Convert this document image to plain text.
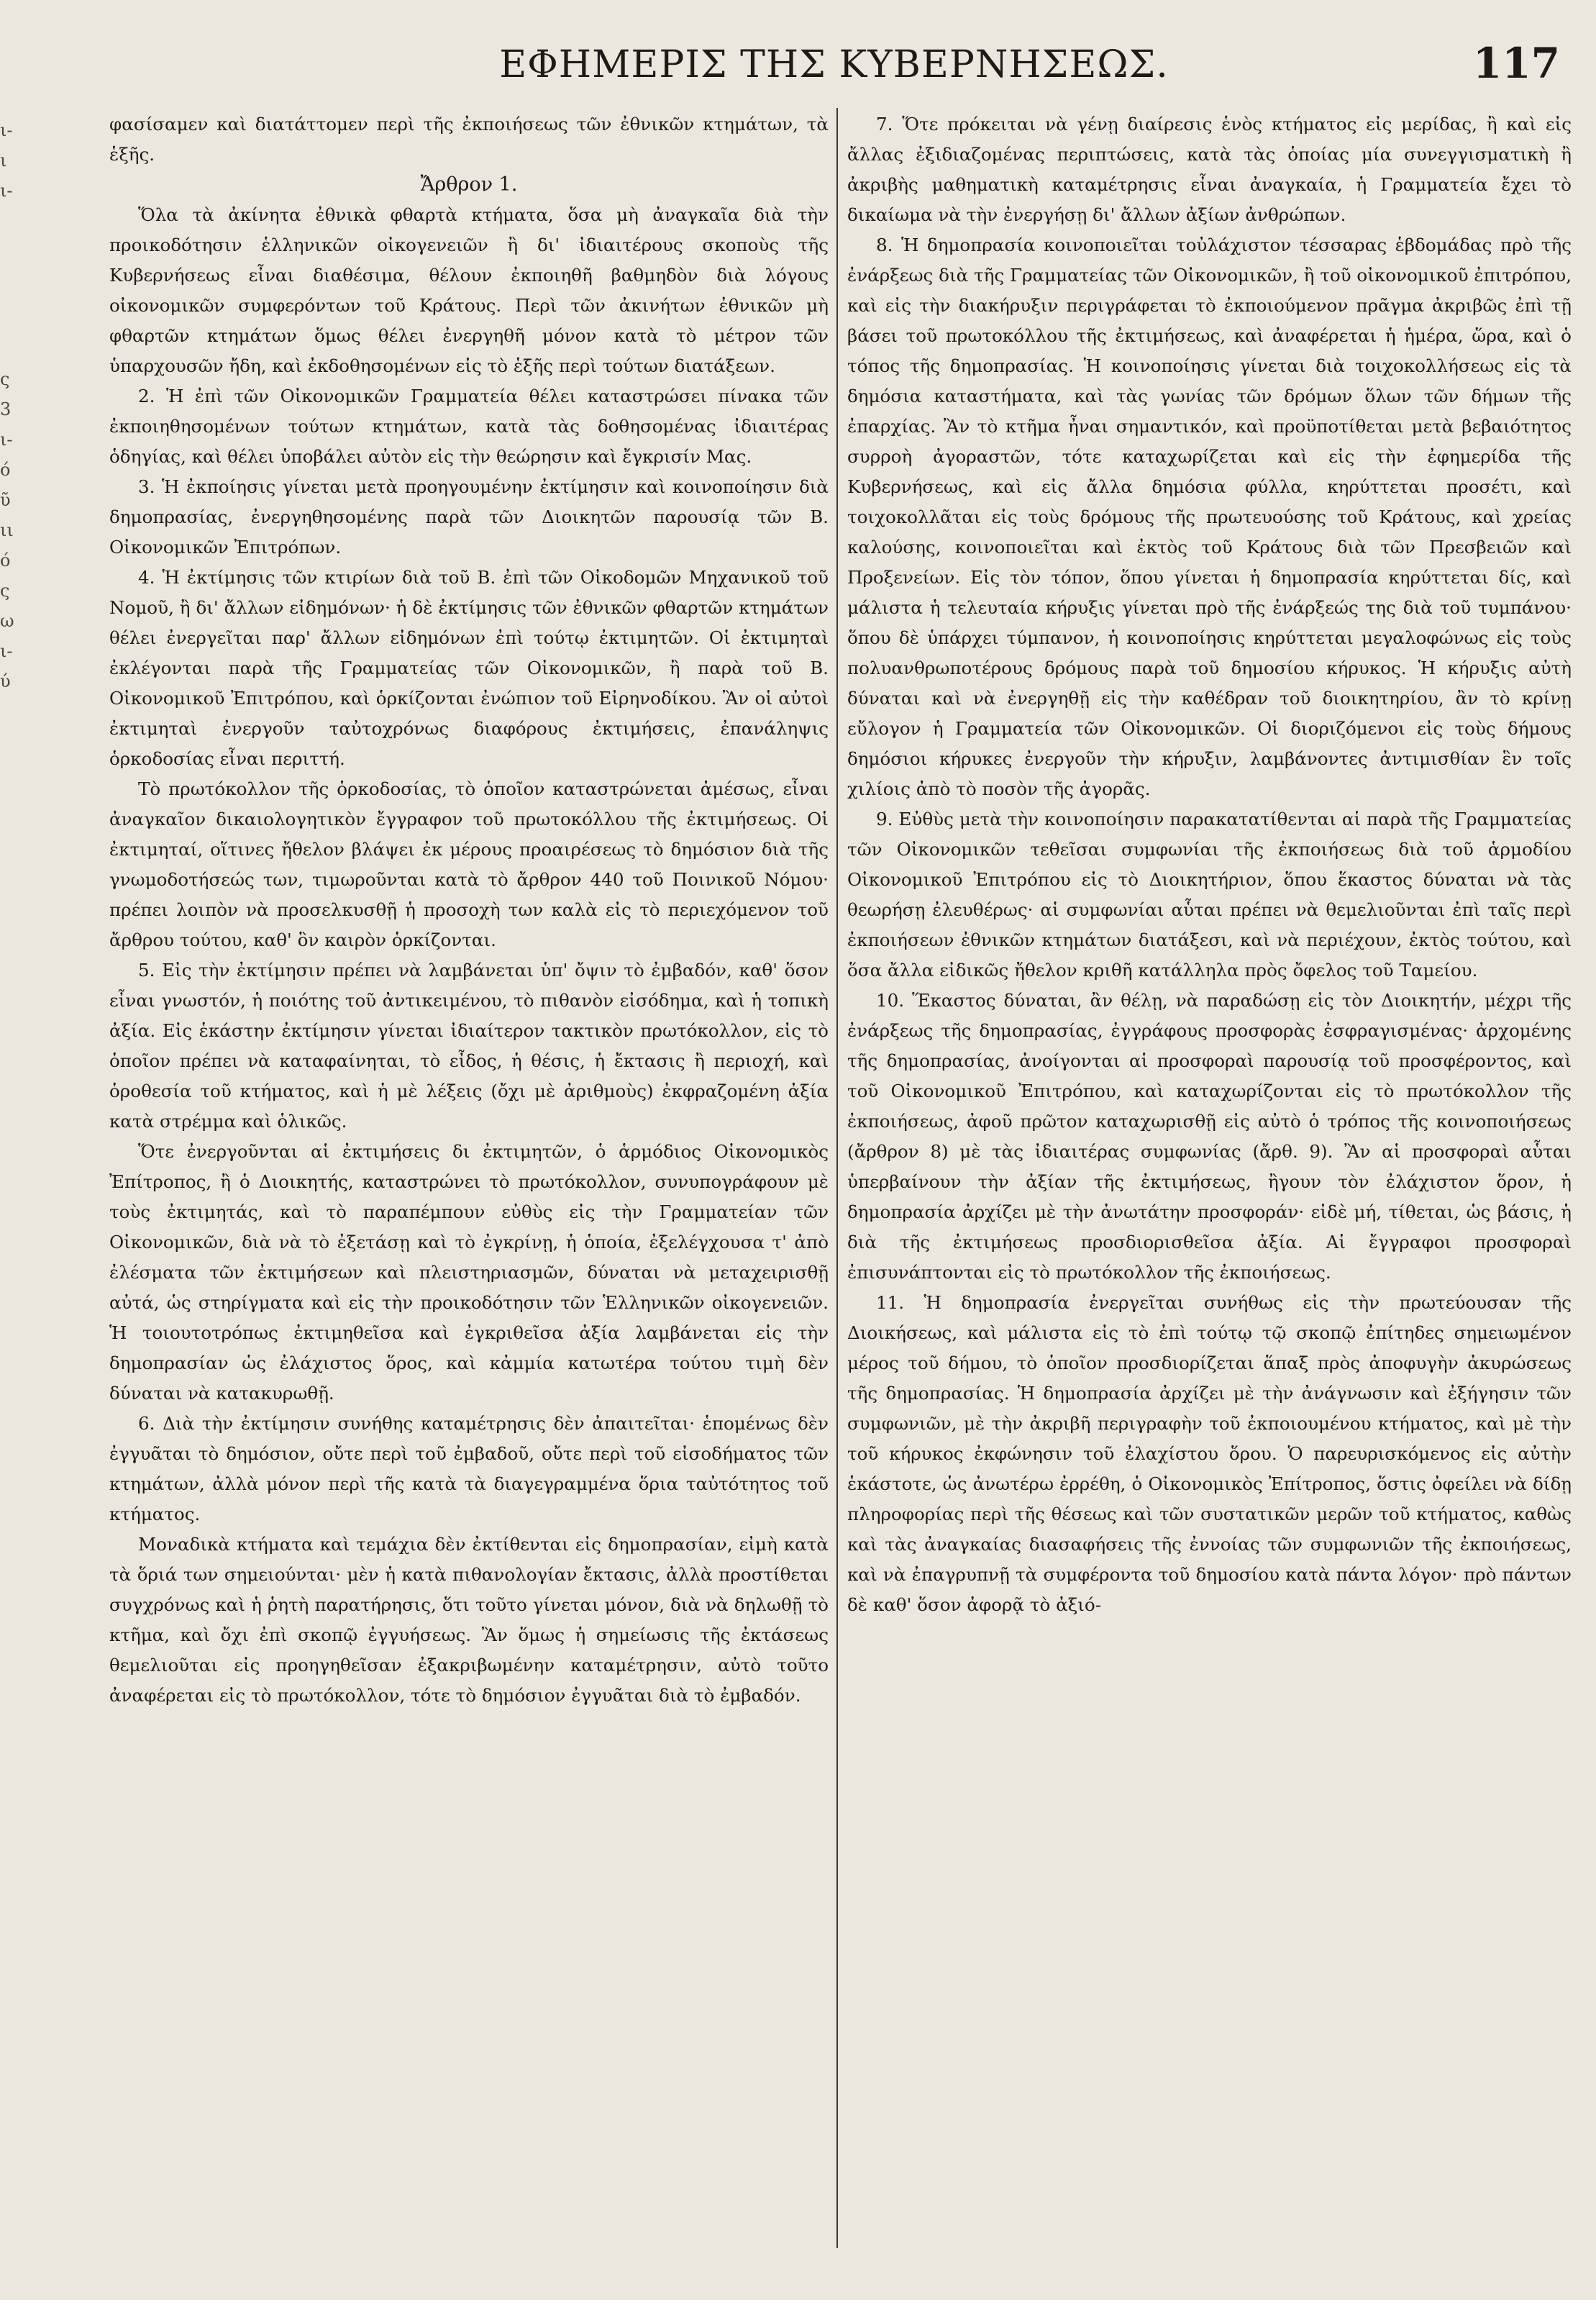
ι-
ι
ι-
ς
3
ι-
ό
ῦ
ιι
ό
ς
ω
ι-
ύ
ΕΦΗΜΕΡΙΣ ΤΗΣ ΚΥΒΕΡΝΗΣΕΩΣ.	117

φασίσαμεν καὶ διατάττομεν περὶ τῆς ἐκποιήσεως τῶν ἐθνικῶν κτημάτων, τὰ ἑξῆς.

Ἄρθρον 1.

Ὅλα τὰ ἀκίνητα ἐθνικὰ φθαρτὰ κτήματα, ὅσα μὴ ἀναγκαῖα διὰ τὴν προικοδότησιν ἑλληνικῶν οἰκογενειῶν ἢ δι' ἰδιαιτέρους σκοποὺς τῆς Κυβερνήσεως εἶναι διαθέσιμα, θέλουν ἐκποιηθῆ βαθμηδὸν διὰ λόγους οἰκονομικῶν συμφερόντων τοῦ Κράτους. Περὶ τῶν ἀκινήτων ἐθνικῶν μὴ φθαρτῶν κτημάτων ὅμως θέλει ἐνεργηθῆ μόνον κατὰ τὸ μέτρον τῶν ὑπαρχουσῶν ἤδη, καὶ ἐκδοθησομένων εἰς τὸ ἑξῆς περὶ τούτων διατάξεων.

2. Ἡ ἐπὶ τῶν Οἰκονομικῶν Γραμματεία θέλει καταστρώσει πίνακα τῶν ἐκποιηθησομένων τούτων κτημάτων, κατὰ τὰς δοθησομένας ἰδιαιτέρας ὁδηγίας, καὶ θέλει ὑποβάλει αὐτὸν εἰς τὴν θεώρησιν καὶ ἔγκρισίν Μας.

3. Ἡ ἐκποίησις γίνεται μετὰ προηγουμένην ἐκτίμησιν καὶ κοινοποίησιν διὰ δημοπρασίας, ἐνεργηθησομένης παρὰ τῶν Διοικητῶν παρουσίᾳ τῶν Β. Οἰκονομικῶν Ἐπιτρόπων.

4. Ἡ ἐκτίμησις τῶν κτιρίων διὰ τοῦ Β. ἐπὶ τῶν Οἰκοδομῶν Μηχανικοῦ τοῦ Νομοῦ, ἢ δι' ἄλλων εἰδημόνων· ἡ δὲ ἐκτίμησις τῶν ἐθνικῶν φθαρτῶν κτημάτων θέλει ἐνεργεῖται παρ' ἄλλων εἰδημόνων ἐπὶ τούτῳ ἐκτιμητῶν. Οἱ ἐκτιμηταὶ ἐκλέγονται παρὰ τῆς Γραμματείας τῶν Οἰκονομικῶν, ἢ παρὰ τοῦ Β. Οἰκονομικοῦ Ἐπιτρόπου, καὶ ὁρκίζονται ἐνώπιον τοῦ Εἰρηνοδίκου. Ἂν οἱ αὐτοὶ ἐκτιμηταὶ ἐνεργοῦν ταὐτοχρόνως διαφόρους ἐκτιμήσεις, ἐπανάληψις ὁρκοδοσίας εἶναι περιττή.

Τὸ πρωτόκολλον τῆς ὁρκοδοσίας, τὸ ὁποῖον καταστρώνεται ἀμέσως, εἶναι ἀναγκαῖον δικαιολογητικὸν ἔγγραφον τοῦ πρωτοκόλλου τῆς ἐκτιμήσεως. Οἱ ἐκτιμηταί, οἵτινες ἤθελον βλάψει ἐκ μέρους προαιρέσεως τὸ δημόσιον διὰ τῆς γνωμοδοτήσεώς των, τιμωροῦνται κατὰ τὸ ἄρθρον 440 τοῦ Ποινικοῦ Νόμου· πρέπει λοιπὸν νὰ προσελκυσθῇ ἡ προσοχὴ των καλὰ εἰς τὸ περιεχόμενον τοῦ ἄρθρου τούτου, καθ' ὃν καιρὸν ὁρκίζονται.

5. Εἰς τὴν ἐκτίμησιν πρέπει νὰ λαμβάνεται ὑπ' ὄψιν τὸ ἐμβαδόν, καθ' ὅσον εἶναι γνωστόν, ἡ ποιότης τοῦ ἀντικειμένου, τὸ πιθανὸν εἰσόδημα, καὶ ἡ τοπικὴ ἀξία. Εἰς ἑκάστην ἐκτίμησιν γίνεται ἰδιαίτερον τακτικὸν πρωτόκολλον, εἰς τὸ ὁποῖον πρέπει νὰ καταφαίνηται, τὸ εἶδος, ἡ θέσις, ἡ ἔκτασις ἢ περιοχή, καὶ ὁροθεσία τοῦ κτήματος, καὶ ἡ μὲ λέξεις (ὄχι μὲ ἀριθμοὺς) ἐκφραζομένη ἀξία κατὰ στρέμμα καὶ ὁλικῶς.

Ὅτε ἐνεργοῦνται αἱ ἐκτιμήσεις δι ἐκτιμητῶν, ὁ ἁρμόδιος Οἰκονομικὸς Ἐπίτροπος, ἢ ὁ Διοικητής, καταστρώνει τὸ πρωτόκολλον, συνυπογράφουν μὲ τοὺς ἐκτιμητάς, καὶ τὸ παραπέμπουν εὐθὺς εἰς τὴν Γραμματείαν τῶν Οἰκονομικῶν, διὰ νὰ τὸ ἐξετάσῃ καὶ τὸ ἐγκρίνῃ, ἡ ὁποία, ἐξελέγχουσα τ' ἀπὸ ἐλέσματα τῶν ἐκτιμήσεων καὶ πλειστηριασμῶν, δύναται νὰ μεταχειρισθῇ αὐτά, ὡς στηρίγματα καὶ εἰς τὴν προικοδότησιν τῶν Ἑλληνικῶν οἰκογενειῶν. Ἡ τοιουτοτρόπως ἐκτιμηθεῖσα καὶ ἐγκριθεῖσα ἀξία λαμβάνεται εἰς τὴν δημοπρασίαν ὡς ἐλάχιστος ὅρος, καὶ κἀμμία κατωτέρα τούτου τιμὴ δὲν δύναται νὰ κατακυρωθῇ.

6. Διὰ τὴν ἐκτίμησιν συνήθης καταμέτρησις δὲν ἀπαιτεῖται· ἑπομένως δὲν ἐγγυᾶται τὸ δημόσιον, οὔτε περὶ τοῦ ἐμβαδοῦ, οὔτε περὶ τοῦ εἰσοδήματος τῶν κτημάτων, ἀλλὰ μόνον περὶ τῆς κατὰ τὰ διαγεγραμμένα ὅρια ταὐτότητος τοῦ κτήματος.

Μοναδικὰ κτήματα καὶ τεμάχια δὲν ἐκτίθενται εἰς δημοπρασίαν, εἰμὴ κατὰ τὰ ὅριά των σημειούνται· μὲν ἡ κατὰ πιθανολογίαν ἔκτασις, ἀλλὰ προστίθεται συγχρόνως καὶ ἡ ῥητὴ παρατήρησις, ὅτι τοῦτο γίνεται μόνον, διὰ νὰ δηλωθῇ τὸ κτῆμα, καὶ ὄχι ἐπὶ σκοπῷ ἐγγυήσεως. Ἂν ὅμως ἡ σημείωσις τῆς ἐκτάσεως θεμελιοῦται εἰς προηγηθεῖσαν ἐξακριβωμένην καταμέτρησιν, αὐτὸ τοῦτο ἀναφέρεται εἰς τὸ πρωτόκολλον, τότε τὸ δημόσιον ἐγγυᾶται διὰ τὸ ἐμβαδόν.

7. Ὅτε πρόκειται νὰ γένῃ διαίρεσις ἑνὸς κτήματος εἰς μερίδας, ἢ καὶ εἰς ἄλλας ἐξιδιαζομένας περιπτώσεις, κατὰ τὰς ὁποίας μία συνεγγισματικὴ ἢ ἀκριβὴς μαθηματικὴ καταμέτρησις εἶναι ἀναγκαία, ἡ Γραμματεία ἔχει τὸ δικαίωμα νὰ τὴν ἐνεργήσῃ δι' ἄλλων ἀξίων ἀνθρώπων.

8. Ἡ δημοπρασία κοινοποιεῖται τοὐλάχιστον τέσσαρας ἑβδομάδας πρὸ τῆς ἐνάρξεως διὰ τῆς Γραμματείας τῶν Οἰκονομικῶν, ἢ τοῦ οἰκονομικοῦ ἐπιτρόπου, καὶ εἰς τὴν διακήρυξιν περιγράφεται τὸ ἐκποιούμενον πρᾶγμα ἀκριβῶς ἐπὶ τῇ βάσει τοῦ πρωτοκόλλου τῆς ἐκτιμήσεως, καὶ ἀναφέρεται ἡ ἡμέρα, ὥρα, καὶ ὁ τόπος τῆς δημοπρασίας. Ἡ κοινοποίησις γίνεται διὰ τοιχοκολλήσεως εἰς τὰ δημόσια καταστήματα, καὶ τὰς γωνίας τῶν δρόμων ὅλων τῶν δήμων τῆς ἐπαρχίας. Ἂν τὸ κτῆμα ἦναι σημαντικόν, καὶ προϋποτίθεται μετὰ βεβαιότητος συρροὴ ἀγοραστῶν, τότε καταχωρίζεται καὶ εἰς τὴν ἐφημερίδα τῆς Κυβερνήσεως, καὶ εἰς ἄλλα δημόσια φύλλα, κηρύττεται προσέτι, καὶ τοιχοκολλᾶται εἰς τοὺς δρόμους τῆς πρωτευούσης τοῦ Κράτους, καὶ χρείας καλούσης, κοινοποιεῖται καὶ ἐκτὸς τοῦ Κράτους διὰ τῶν Πρεσβειῶν καὶ Προξενείων. Εἰς τὸν τόπον, ὅπου γίνεται ἡ δημοπρασία κηρύττεται δίς, καὶ μάλιστα ἡ τελευταία κήρυξις γίνεται πρὸ τῆς ἐνάρξεώς της διὰ τοῦ τυμπάνου· ὅπου δὲ ὑπάρχει τύμπανον, ἡ κοινοποίησις κηρύττεται μεγαλοφώνως εἰς τοὺς πολυανθρωποτέρους δρόμους παρὰ τοῦ δημοσίου κήρυκος. Ἡ κήρυξις αὐτὴ δύναται καὶ νὰ ἐνεργηθῇ εἰς τὴν καθέδραν τοῦ διοικητηρίου, ἂν τὸ κρίνῃ εὔλογον ἡ Γραμματεία τῶν Οἰκονομικῶν. Οἱ διοριζόμενοι εἰς τοὺς δήμους δημόσιοι κήρυκες ἐνεργοῦν τὴν κήρυξιν, λαμβάνοντες ἀντιμισθίαν ἓν τοῖς χιλίοις ἀπὸ τὸ ποσὸν τῆς ἀγορᾶς.

9. Εὐθὺς μετὰ τὴν κοινοποίησιν παρακατατίθενται αἱ παρὰ τῆς Γραμματείας τῶν Οἰκονομικῶν τεθεῖσαι συμφωνίαι τῆς ἐκποιήσεως διὰ τοῦ ἁρμοδίου Οἰκονομικοῦ Ἐπιτρόπου εἰς τὸ Διοικητήριον, ὅπου ἕκαστος δύναται νὰ τὰς θεωρήσῃ ἐλευθέρως· αἱ συμφωνίαι αὗται πρέπει νὰ θεμελιοῦνται ἐπὶ ταῖς περὶ ἐκποιήσεων ἐθνικῶν κτημάτων διατάξεσι, καὶ νὰ περιέχουν, ἐκτὸς τούτου, καὶ ὅσα ἄλλα εἰδικῶς ἤθελον κριθῆ κατάλληλα πρὸς ὄφελος τοῦ Ταμείου.

10. Ἕκαστος δύναται, ἂν θέλῃ, νὰ παραδώσῃ εἰς τὸν Διοικητήν, μέχρι τῆς ἐνάρξεως τῆς δημοπρασίας, ἐγγράφους προσφορὰς ἐσφραγισμένας· ἀρχομένης τῆς δημοπρασίας, ἀνοίγονται αἱ προσφοραὶ παρουσίᾳ τοῦ προσφέροντος, καὶ τοῦ Οἰκονομικοῦ Ἐπιτρόπου, καὶ καταχωρίζονται εἰς τὸ πρωτόκολλον τῆς ἐκποιήσεως, ἀφοῦ πρῶτον καταχωρισθῇ εἰς αὐτὸ ὁ τρόπος τῆς κοινοποιήσεως (ἄρθρον 8) μὲ τὰς ἰδιαιτέρας συμφωνίας (ἄρθ. 9). Ἂν αἱ προσφοραὶ αὗται ὑπερβαίνουν τὴν ἀξίαν τῆς ἐκτιμήσεως, ἢγουν τὸν ἐλάχιστον ὅρον, ἡ δημοπρασία ἀρχίζει μὲ τὴν ἀνωτάτην προσφοράν· εἰδὲ μή, τίθεται, ὡς βάσις, ἡ διὰ τῆς ἐκτιμήσεως προσδιορισθεῖσα ἀξία. Αἱ ἔγγραφοι προσφοραὶ ἐπισυνάπτονται εἰς τὸ πρωτόκολλον τῆς ἐκποιήσεως.

11. Ἡ δημοπρασία ἐνεργεῖται συνήθως εἰς τὴν πρωτεύουσαν τῆς Διοικήσεως, καὶ μάλιστα εἰς τὸ ἐπὶ τούτῳ τῷ σκοπῷ ἐπίτηδες σημειωμένον μέρος τοῦ δήμου, τὸ ὁποῖον προσδιορίζεται ἅπαξ πρὸς ἀποφυγὴν ἀκυρώσεως τῆς δημοπρασίας. Ἡ δημοπρασία ἀρχίζει μὲ τὴν ἀνάγνωσιν καὶ ἐξήγησιν τῶν συμφωνιῶν, μὲ τὴν ἀκριβῆ περιγραφὴν τοῦ ἐκποιουμένου κτήματος, καὶ μὲ τὴν τοῦ κήρυκος ἐκφώνησιν τοῦ ἐλαχίστου ὅρου. Ὁ παρευρισκόμενος εἰς αὐτὴν ἑκάστοτε, ὡς ἀνωτέρω ἐρρέθη, ὁ Οἰκονομικὸς Ἐπίτροπος, ὅστις ὀφείλει νὰ δίδῃ πληροφορίας περὶ τῆς θέσεως καὶ τῶν συστατικῶν μερῶν τοῦ κτήματος, καθὼς καὶ τὰς ἀναγκαίας διασαφήσεις τῆς ἐννοίας τῶν συμφωνιῶν τῆς ἐκποιήσεως, καὶ νὰ ἐπαγρυπνῇ τὰ συμφέροντα τοῦ δημοσίου κατὰ πάντα λόγον· πρὸ πάντων δὲ καθ' ὅσον ἀφορᾷ τὸ ἀξιό-
